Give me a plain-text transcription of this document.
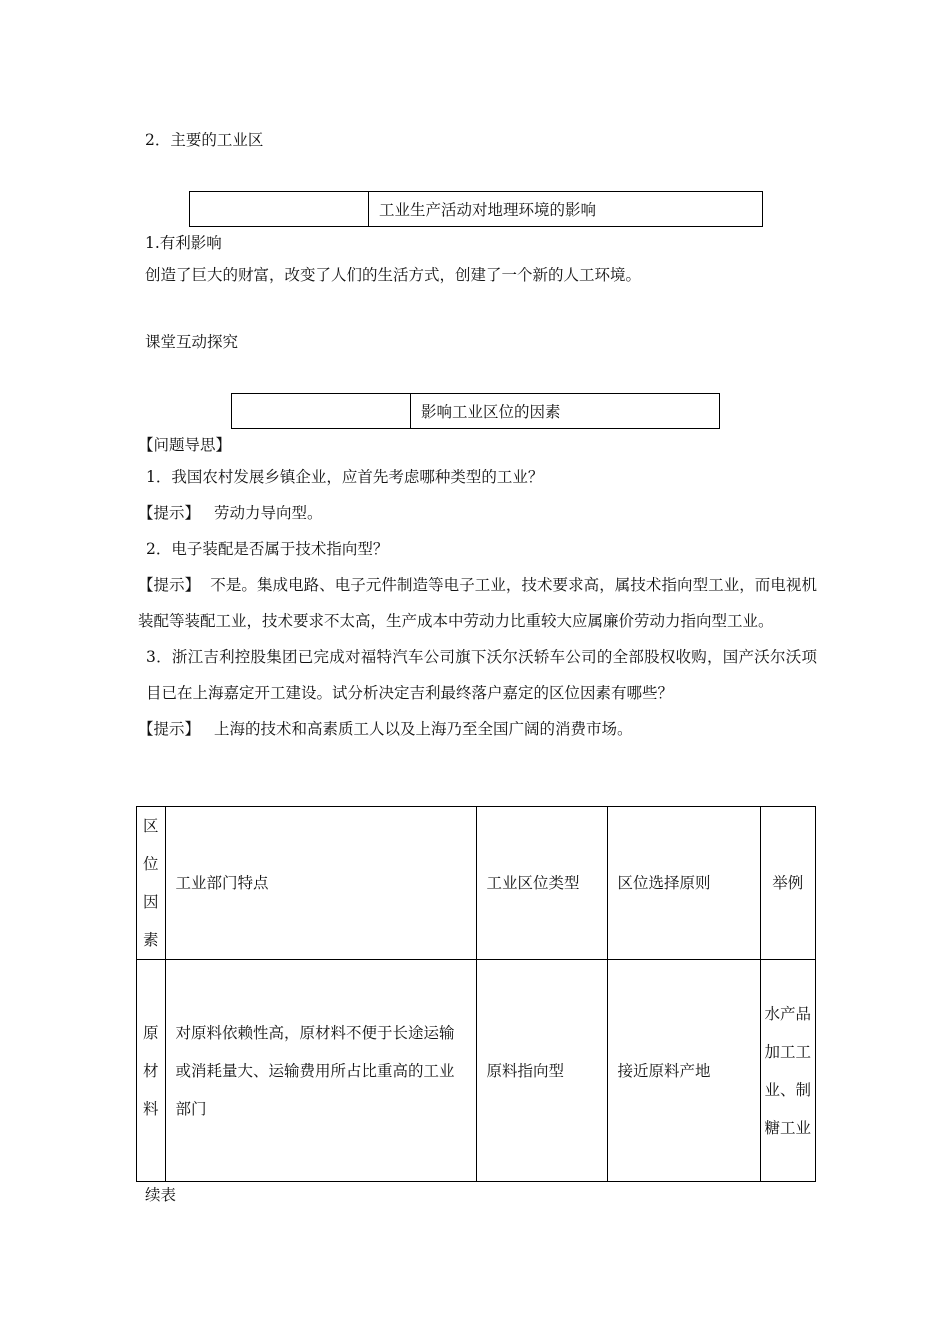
2．主要的工业区
工业生产活动对地理环境的影响
1.有利影响
创造了巨大的财富，改变了人们的生活方式，创建了一个新的人工环境。
课堂互动探究
影响工业区位的因素
【问题导思】
1．我国农村发展乡镇企业，应首先考虑哪种类型的工业？
【提示】 劳动力导向型。
2．电子装配是否属于技术指向型？
【提示】 不是。集成电路、电子元件制造等电子工业，技术要求高，属技术指向型工业，而电视机装配等装配工业，技术要求不太高，生产成本中劳动力比重较大应属廉价劳动力指向型工业。
3．浙江吉利控股集团已完成对福特汽车公司旗下沃尔沃轿车公司的全部股权收购，国产沃尔沃项目已在上海嘉定开工建设。试分析决定吉利最终落户嘉定的区位因素有哪些？
【提示】 上海的技术和高素质工人以及上海乃至全国广阔的消费市场。
区位因素	工业部门特点	工业区位类型	区位选择原则	举例

原材料	对原料依赖性高，原材料不便于长途运输或消耗量大、运输费用所占比重高的工业部门	原料指向型	接近原料产地	水产品加工工业、制糖工业
续表
